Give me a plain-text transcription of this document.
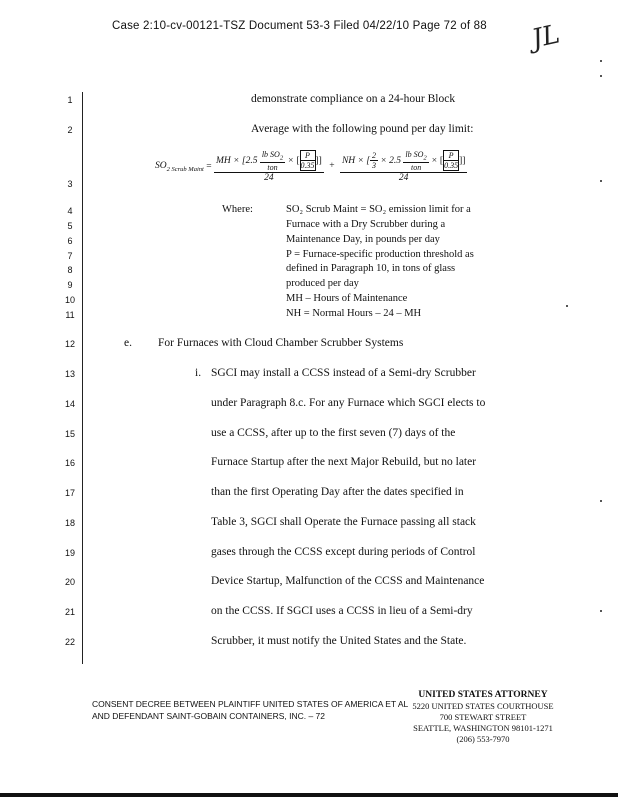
Case 2:10-cv-00121-TSZ Document 53-3 Filed 04/22/10 Page 72 of 88 JL
1
2
3
4
5
6
7
8
9
10
11
12
13
14
15
16
17
18
19
20
21
22
demonstrate compliance on a 24-hour Block
Average with the following pound per day limit:
$SO_{2 Scrub Maint} = \frac{MH \times [2.5 \frac{lb SO_2}{\text{ton}} \times [ \frac{P}{0.35} ]]}{24} + \frac{NH \times [ \frac{2}{3} \times 2.5 \frac{lb SO_2}{\text{ton}} \times [ \frac{P}{0.35} ]]}{24}$
Where:	SO₂ Scrub Maint = SO₂ emission limit for a
Furnace with a Dry Scrubber during a
Maintenance Day, in pounds per day
P = Furnace-specific production threshold as
defined in Paragraph 10, in tons of glass
produced per day
MH – Hours of Maintenance
NH = Normal Hours – 24 – MH
e. For Furnaces with Cloud Chamber Scrubber Systems
i. SGCI may install a CCSS instead of a Semi-dry Scrubber
under Paragraph 8.c. For any Furnace which SGCI elects to
use a CCSS, after up to the first seven (7) days of the
Furnace Startup after the next Major Rebuild, but no later
than the first Operating Day after the dates specified in
Table 3, SGCI shall Operate the Furnace passing all stack
gases through the CCSS except during periods of Control
Device Startup, Malfunction of the CCSS and Maintenance
on the CCSS. If SGCI uses a CCSS in lieu of a Semi-dry
Scrubber, it must notify the United States and the State.
CONSENT DECREE BETWEEN PLAINTIFF UNITED STATES OF AMERICA ET AL
AND DEFENDANT SAINT-GOBAIN CONTAINERS, INC. – 72
UNITED STATES ATTORNEY
5220 UNITED STATES COURTHOUSE
700 STEWART STREET
SEATTLE, WASHINGTON 98101-1271
(206) 553-7970
